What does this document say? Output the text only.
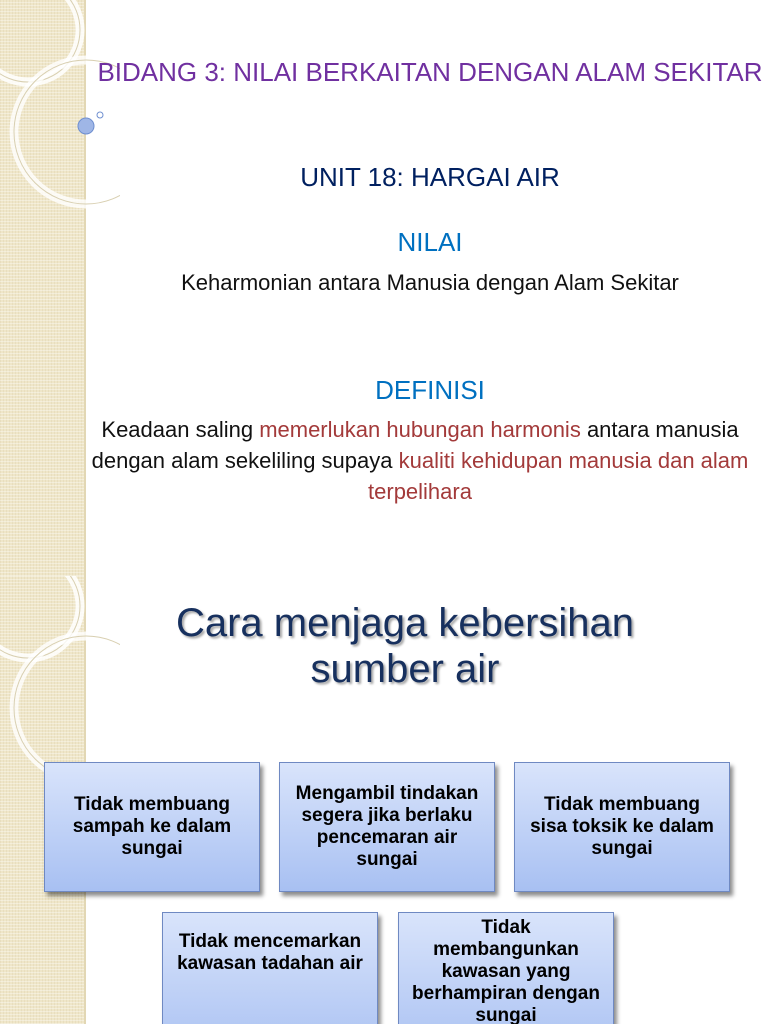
BIDANG 3: NILAI BERKAITAN DENGAN ALAM SEKITAR
UNIT 18: HARGAI AIR
NILAI
Keharmonian antara Manusia dengan Alam Sekitar
DEFINISI
Keadaan saling memerlukan hubungan harmonis antara manusia dengan alam sekeliling supaya kualiti kehidupan manusia dan alam terpelihara
Cara menjaga kebersihan sumber air
Tidak membuang sampah ke dalam sungai
Mengambil tindakan segera jika berlaku pencemaran air sungai
Tidak membuang sisa toksik ke dalam sungai
Tidak mencemarkan kawasan tadahan air
Tidak membangunkan kawasan yang berhampiran dengan sungai
